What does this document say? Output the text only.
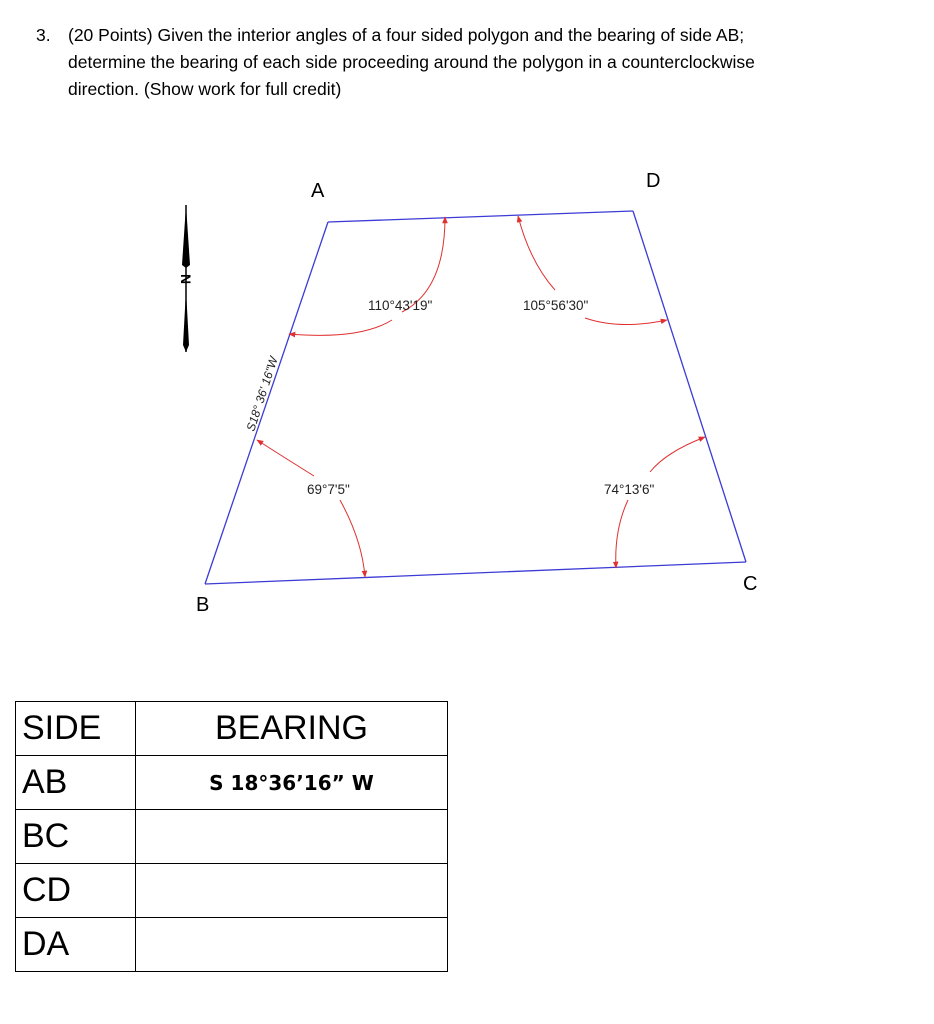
3. (20 Points) Given the interior angles of a four sided polygon and the bearing of side AB;
determine the bearing of each side proceeding around the polygon in a counterclockwise
direction. (Show work for full credit)
N
A	D
B
C
110°43'19"	105°56'30"
69°7'5"	74°13'6"
S18° 36' 16"W
SIDE	BEARING
AB	S 18°36’16” W
BC	
CD	
DA	
